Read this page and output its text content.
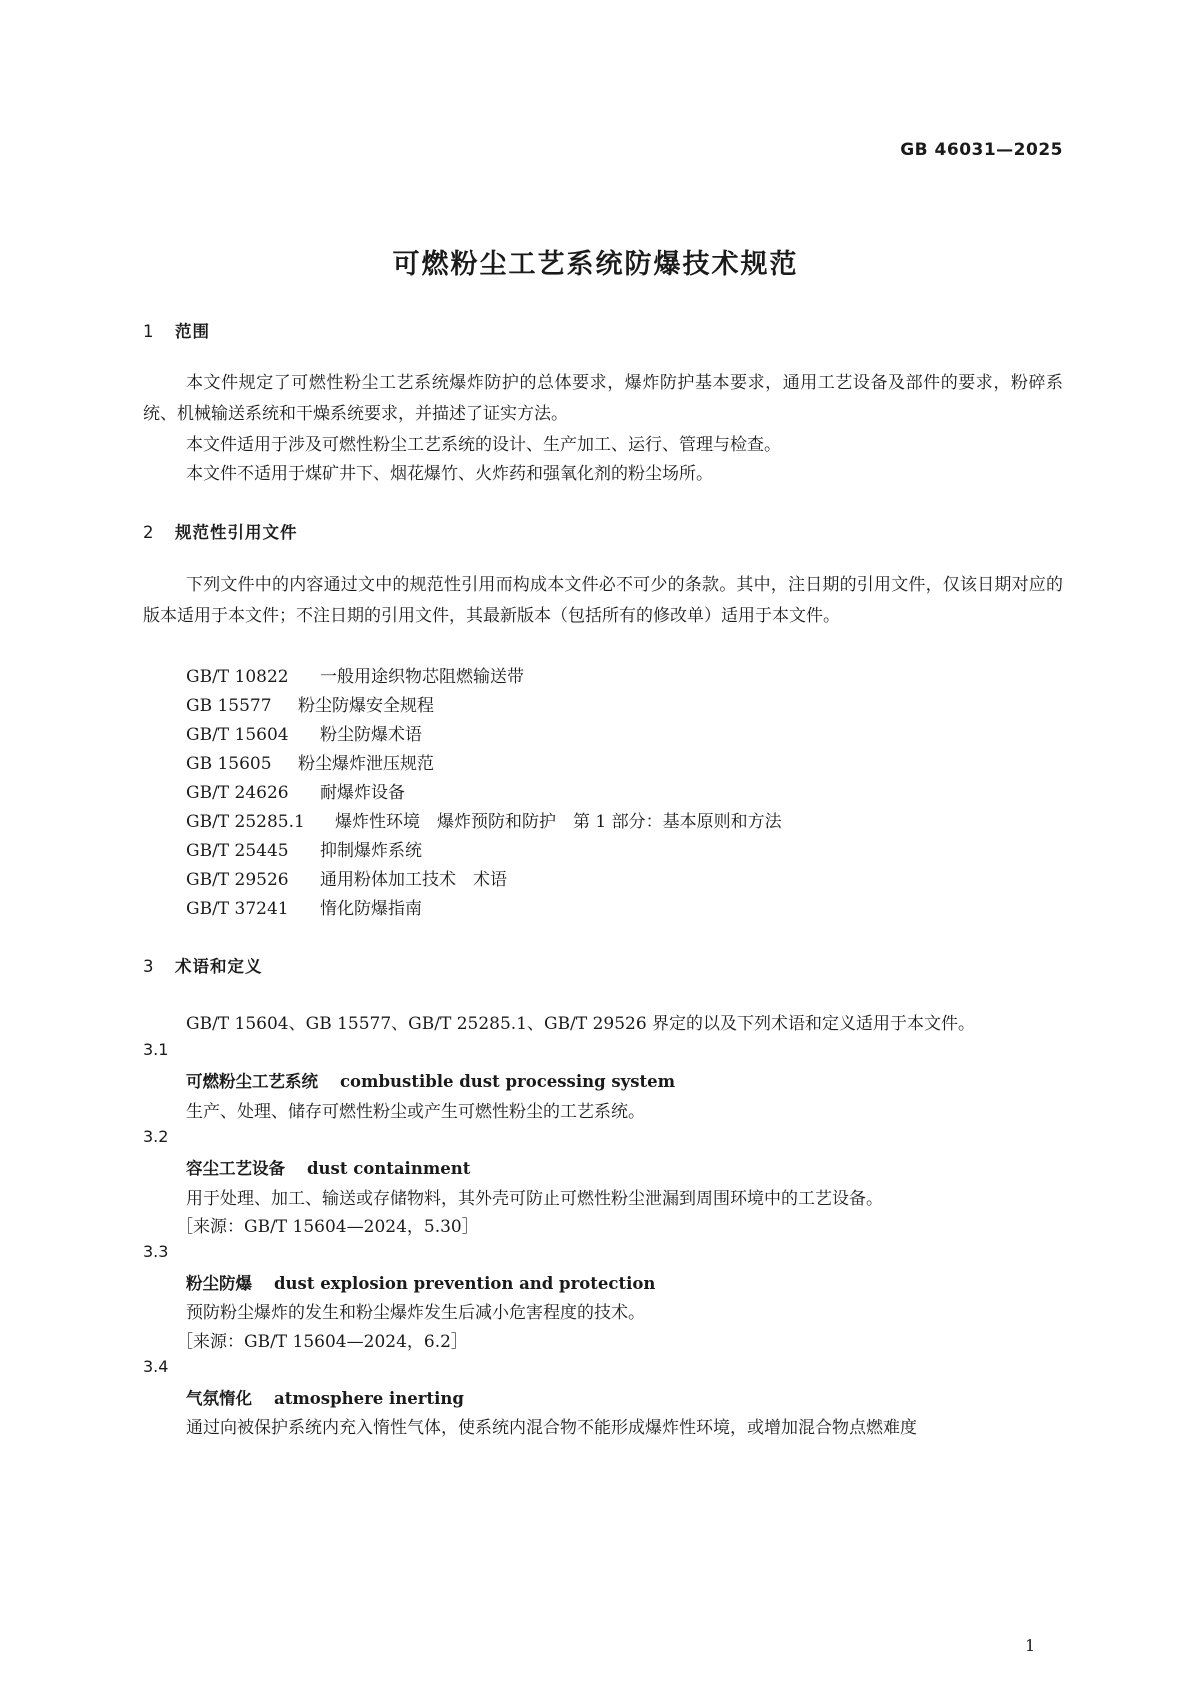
GB 46031—2025
可燃粉尘工艺系统防爆技术规范
1 范围
本文件规定了可燃性粉尘工艺系统爆炸防护的总体要求，爆炸防护基本要求，通用工艺设备及部件的要求，粉碎系统、机械输送系统和干燥系统要求，并描述了证实方法。
本文件适用于涉及可燃性粉尘工艺系统的设计、生产加工、运行、管理与检查。
本文件不适用于煤矿井下、烟花爆竹、火炸药和强氧化剂的粉尘场所。
2 规范性引用文件
下列文件中的内容通过文中的规范性引用而构成本文件必不可少的条款。其中，注日期的引用文件，仅该日期对应的版本适用于本文件；不注日期的引用文件，其最新版本（包括所有的修改单）适用于本文件。
GB/T 10822 一般用途织物芯阻燃输送带
GB 15577 粉尘防爆安全规程
GB/T 15604 粉尘防爆术语
GB 15605 粉尘爆炸泄压规范
GB/T 24626 耐爆炸设备
GB/T 25285.1 爆炸性环境　爆炸预防和防护　第 1 部分：基本原则和方法
GB/T 25445 抑制爆炸系统
GB/T 29526 通用粉体加工技术　术语
GB/T 37241 惰化防爆指南
3 术语和定义
GB/T 15604、GB 15577、GB/T 25285.1、GB/T 29526 界定的以及下列术语和定义适用于本文件。
3.1
可燃粉尘工艺系统 combustible dust processing system
生产、处理、储存可燃性粉尘或产生可燃性粉尘的工艺系统。
3.2
容尘工艺设备 dust containment
用于处理、加工、输送或存储物料，其外壳可防止可燃性粉尘泄漏到周围环境中的工艺设备。
［来源：GB/T 15604—2024，5.30］
3.3
粉尘防爆 dust explosion prevention and protection
预防粉尘爆炸的发生和粉尘爆炸发生后减小危害程度的技术。
［来源：GB/T 15604—2024，6.2］
3.4
气氛惰化 atmosphere inerting
通过向被保护系统内充入惰性气体，使系统内混合物不能形成爆炸性环境，或增加混合物点燃难度
1
